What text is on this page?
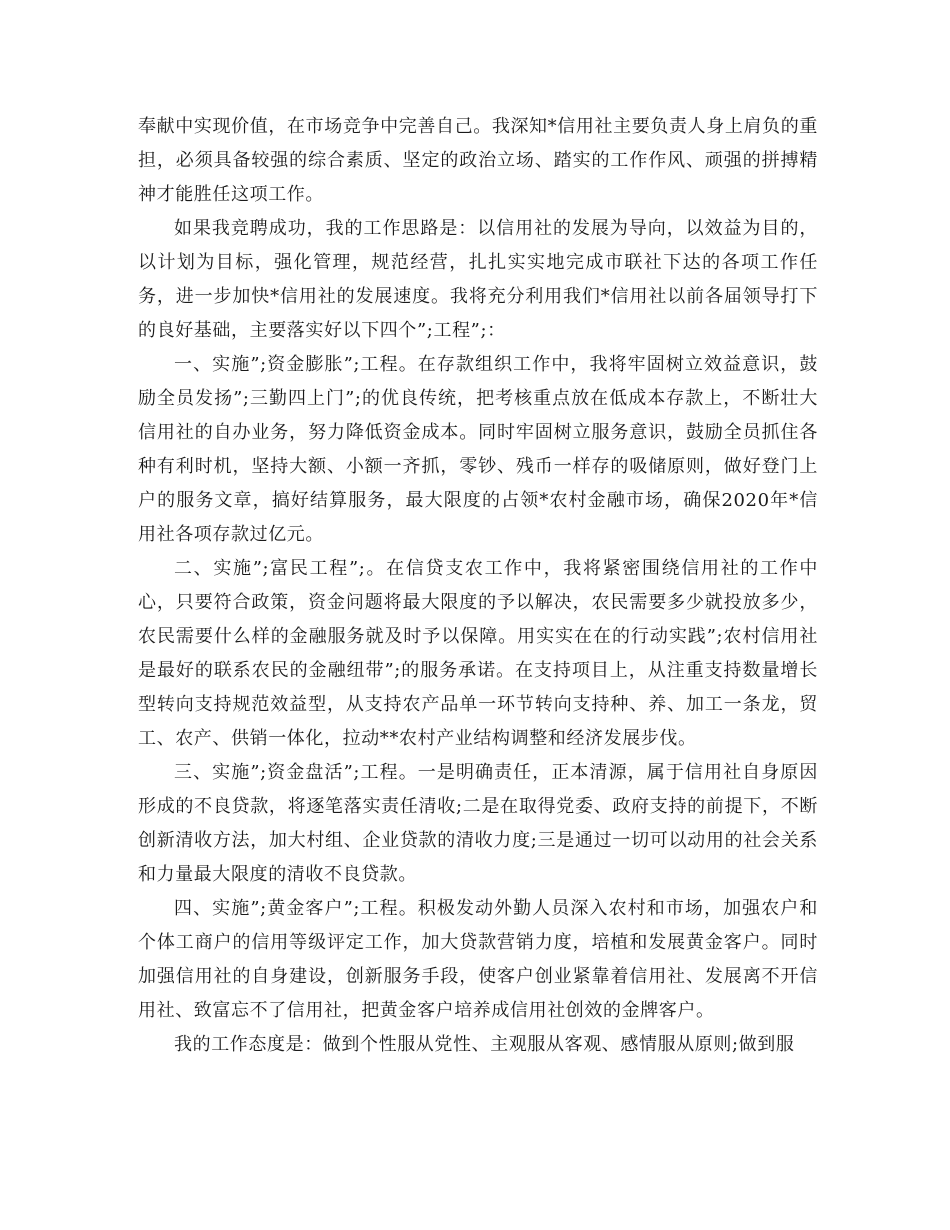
奉献中实现价值，在市场竞争中完善自己。我深知*信用社主要负责人身上肩负的重担，必须具备较强的综合素质、坚定的政治立场、踏实的工作作风、顽强的拼搏精神才能胜任这项工作。

如果我竞聘成功，我的工作思路是：以信用社的发展为导向，以效益为目的，以计划为目标，强化管理，规范经营，扎扎实实地完成市联社下达的各项工作任务，进一步加快*信用社的发展速度。我将充分利用我们*信用社以前各届领导打下的良好基础，主要落实好以下四个”;工程”;：

一、实施”;资金膨胀”;工程。在存款组织工作中，我将牢固树立效益意识，鼓励全员发扬”;三勤四上门”;的优良传统，把考核重点放在低成本存款上，不断壮大信用社的自办业务，努力降低资金成本。同时牢固树立服务意识，鼓励全员抓住各种有利时机，坚持大额、小额一齐抓，零钞、残币一样存的吸储原则，做好登门上户的服务文章，搞好结算服务，最大限度的占领*农村金融市场，确保2020年*信用社各项存款过亿元。

二、实施”;富民工程”;。在信贷支农工作中，我将紧密围绕信用社的工作中心，只要符合政策，资金问题将最大限度的予以解决，农民需要多少就投放多少，农民需要什么样的金融服务就及时予以保障。用实实在在的行动实践”;农村信用社是最好的联系农民的金融纽带”;的服务承诺。在支持项目上，从注重支持数量增长型转向支持规范效益型，从支持农产品单一环节转向支持种、养、加工一条龙，贸工、农产、供销一体化，拉动**农村产业结构调整和经济发展步伐。

三、实施”;资金盘活”;工程。一是明确责任，正本清源，属于信用社自身原因形成的不良贷款，将逐笔落实责任清收;二是在取得党委、政府支持的前提下，不断创新清收方法，加大村组、企业贷款的清收力度;三是通过一切可以动用的社会关系和力量最大限度的清收不良贷款。

四、实施”;黄金客户”;工程。积极发动外勤人员深入农村和市场，加强农户和个体工商户的信用等级评定工作，加大贷款营销力度，培植和发展黄金客户。同时加强信用社的自身建设，创新服务手段，使客户创业紧靠着信用社、发展离不开信用社、致富忘不了信用社，把黄金客户培养成信用社创效的金牌客户。

我的工作态度是：做到个性服从党性、主观服从客观、感情服从原则;做到服
